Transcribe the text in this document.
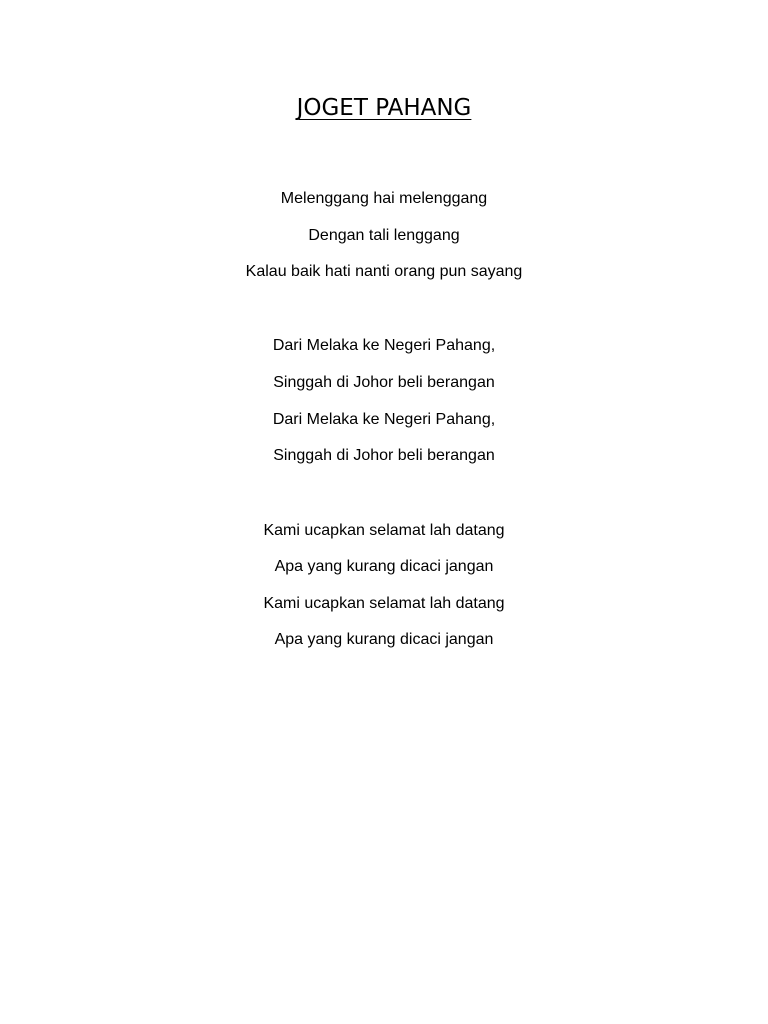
JOGET PAHANG

Melenggang hai melenggang

Dengan tali lenggang

Kalau baik hati nanti orang pun sayang

Dari Melaka ke Negeri Pahang,

Singgah di Johor beli berangan

Dari Melaka ke Negeri Pahang,

Singgah di Johor beli berangan

Kami ucapkan selamat lah datang

Apa yang kurang dicaci jangan

Kami ucapkan selamat lah datang

Apa yang kurang dicaci jangan
